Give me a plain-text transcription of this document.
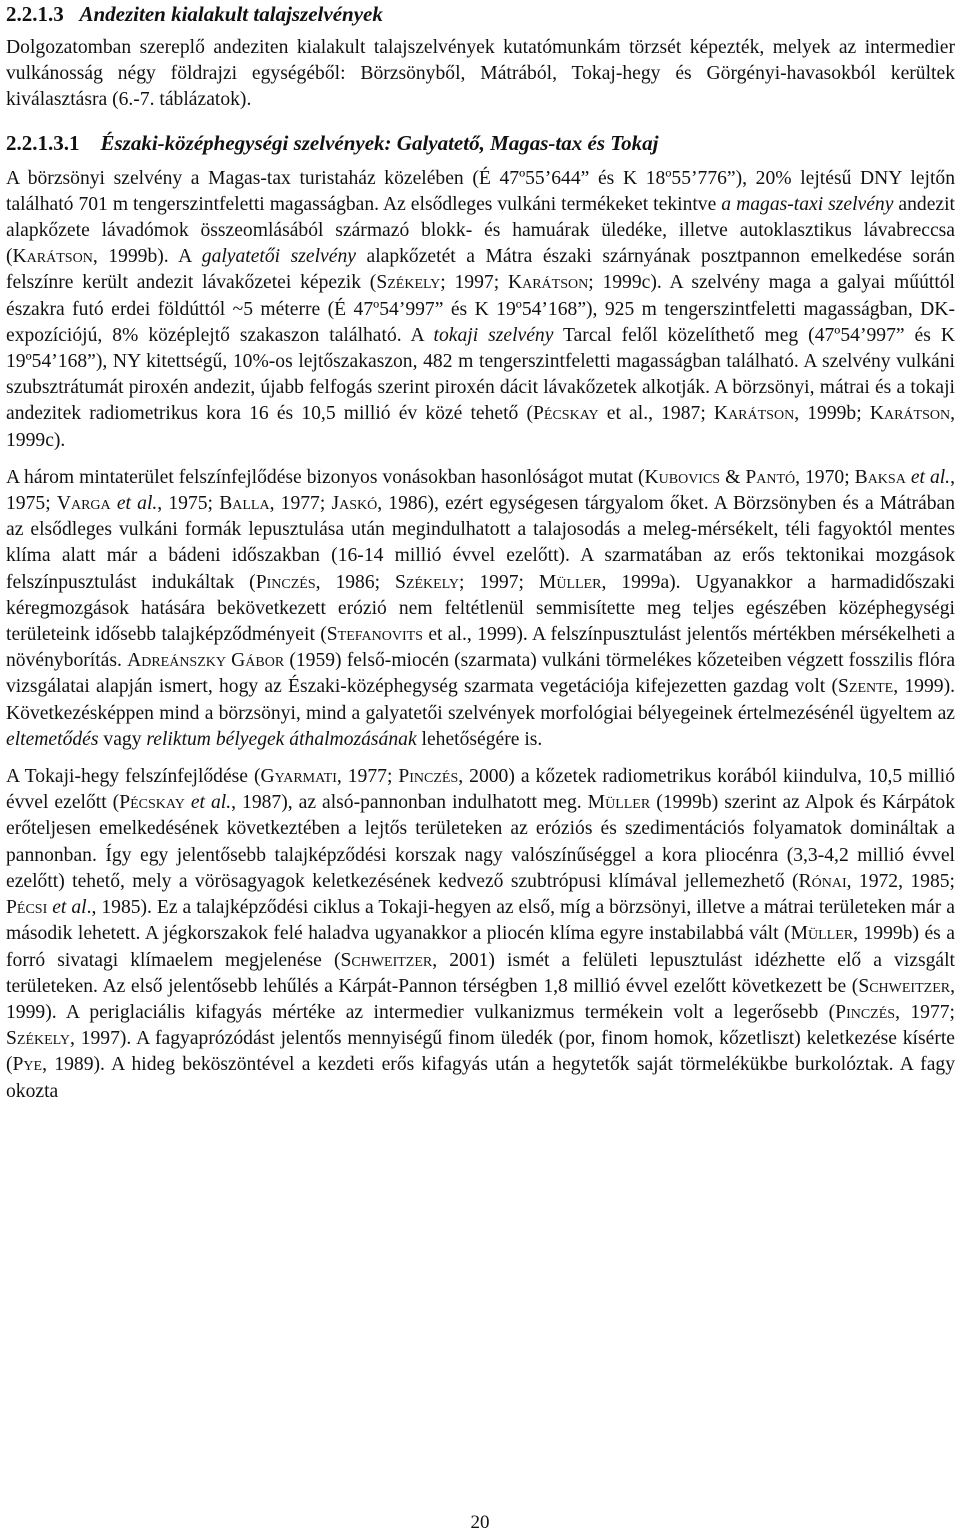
2.2.1.3 Andeziten kialakult talajszelvények

Dolgozatomban szereplő andeziten kialakult talajszelvények kutatómunkám törzsét képezték, melyek az intermedier vulkánosság négy földrajzi egységéből: Börzsönyből, Mátrából, Tokaj-hegy és Görgényi-havasokból kerültek kiválasztásra (6.-7. táblázatok).

2.2.1.3.1 Északi-középhegységi szelvények: Galyatető, Magas-tax és Tokaj

A börzsönyi szelvény a Magas-tax turistaház közelében (É 47º55’644” és K 18º55’776”), 20% lejtésű DNY lejtőn található 701 m tengerszintfeletti magasságban. Az elsődleges vulkáni termékeket tekintve a magas-taxi szelvény andezit alapkőzete lávadómok összeomlásából származó blokk- és hamuárak üledéke, illetve autoklasztikus lávabreccsa (Karátson, 1999b). A galyatetői szelvény alapkőzetét a Mátra északi szárnyának posztpannon emelkedése során felszínre került andezit lávakőzetei képezik (Székely; 1997; Karátson; 1999c). A szelvény maga a galyai műúttól északra futó erdei földúttól ~5 méterre (É 47º54’997” és K 19º54’168”), 925 m tengerszintfeletti magasságban, DK-expozíciójú, 8% középlejtő szakaszon található. A tokaji szelvény Tarcal felől közelíthető meg (47º54’997” és K 19º54’168”), NY kitettségű, 10%-os lejtőszakaszon, 482 m tengerszintfeletti magasságban található. A szelvény vulkáni szubsztrátumát piroxén andezit, újabb felfogás szerint piroxén dácit lávakőzetek alkotják. A börzsönyi, mátrai és a tokaji andezitek radiometrikus kora 16 és 10,5 millió év közé tehető (Pécskay et al., 1987; Karátson, 1999b; Karátson, 1999c).

A három mintaterület felszínfejlődése bizonyos vonásokban hasonlóságot mutat (Kubovics & Pantó, 1970; Baksa et al., 1975; Varga et al., 1975; Balla, 1977; Jaskó, 1986), ezért egységesen tárgyalom őket. A Börzsönyben és a Mátrában az elsődleges vulkáni formák lepusztulása után megindulhatott a talajosodás a meleg-mérsékelt, téli fagyoktól mentes klíma alatt már a bádeni időszakban (16-14 millió évvel ezelőtt). A szarmatában az erős tektonikai mozgások felszínpusztulást indukáltak (Pinczés, 1986; Székely; 1997; Müller, 1999a). Ugyanakkor a harmadidőszaki kéregmozgások hatására bekövetkezett erózió nem feltétlenül semmisítette meg teljes egészében középhegységi területeink idősebb talajképződményeit (Stefanovits et al., 1999). A felszínpusztulást jelentős mértékben mérsékelheti a növényborítás. Adreánszky Gábor (1959) felső-miocén (szarmata) vulkáni törmelékes kőzeteiben végzett fosszilis flóra vizsgálatai alapján ismert, hogy az Északi-középhegység szarmata vegetációja kifejezetten gazdag volt (Szente, 1999). Következésképpen mind a börzsönyi, mind a galyatetői szelvények morfológiai bélyegeinek értelmezésénél ügyeltem az eltemetődés vagy reliktum bélyegek áthalmozásának lehetőségére is.

A Tokaji-hegy felszínfejlődése (Gyarmati, 1977; Pinczés, 2000) a kőzetek radiometrikus korából kiindulva, 10,5 millió évvel ezelőtt (Pécskay et al., 1987), az alsó-pannonban indulhatott meg. Müller (1999b) szerint az Alpok és Kárpátok erőteljesen emelkedésének következtében a lejtős területeken az eróziós és szedimentációs folyamatok domináltak a pannonban. Így egy jelentősebb talajképződési korszak nagy valószínűséggel a kora pliocénra (3,3-4,2 millió évvel ezelőtt) tehető, mely a vörösagyagok keletkezésének kedvező szubtrópusi klímával jellemezhető (Rónai, 1972, 1985; Pécsi et al., 1985). Ez a talajképződési ciklus a Tokaji-hegyen az első, míg a börzsönyi, illetve a mátrai területeken már a második lehetett. A jégkorszakok felé haladva ugyanakkor a pliocén klíma egyre instabilabbá vált (Müller, 1999b) és a forró sivatagi klímaelem megjelenése (Schweitzer, 2001) ismét a felületi lepusztulást idézhette elő a vizsgált területeken. Az első jelentősebb lehűlés a Kárpát-Pannon térségben 1,8 millió évvel ezelőtt következett be (Schweitzer, 1999). A periglaciális kifagyás mértéke az intermedier vulkanizmus termékein volt a legerősebb (Pinczés, 1977; Székely, 1997). A fagyaprózódást jelentős mennyiségű finom üledék (por, finom homok, kőzetliszt) keletkezése kísérte (Pye, 1989). A hideg beköszöntével a kezdeti erős kifagyás után a hegytetők saját törmelékükbe burkolóztak. A fagy okozta

20
